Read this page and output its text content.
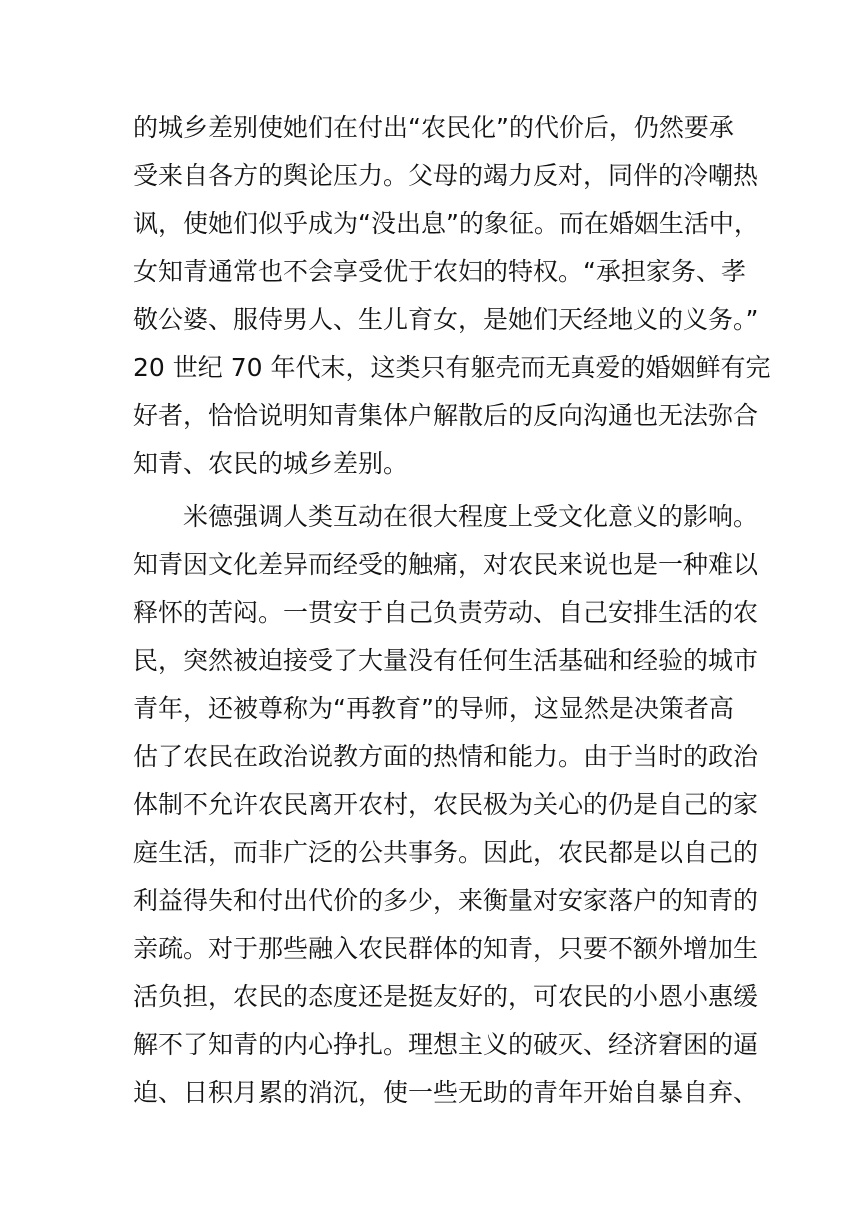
的城乡差别使她们在付出“农民化”的代价后，仍然要承
受来自各方的舆论压力。父母的竭力反对，同伴的冷嘲热
讽，使她们似乎成为“没出息”的象征。而在婚姻生活中，
女知青通常也不会享受优于农妇的特权。“承担家务、孝
敬公婆、服侍男人、生儿育女，是她们天经地义的义务。”
20 世纪 70 年代末，这类只有躯壳而无真爱的婚姻鲜有完
好者，恰恰说明知青集体户解散后的反向沟通也无法弥合
知青、农民的城乡差别。
米德强调人类互动在很大程度上受文化意义的影响。
知青因文化差异而经受的触痛，对农民来说也是一种难以
释怀的苦闷。一贯安于自己负责劳动、自己安排生活的农
民，突然被迫接受了大量没有任何生活基础和经验的城市
青年，还被尊称为“再教育”的导师，这显然是决策者高
估了农民在政治说教方面的热情和能力。由于当时的政治
体制不允许农民离开农村，农民极为关心的仍是自己的家
庭生活，而非广泛的公共事务。因此，农民都是以自己的
利益得失和付出代价的多少，来衡量对安家落户的知青的
亲疏。对于那些融入农民群体的知青，只要不额外增加生
活负担，农民的态度还是挺友好的，可农民的小恩小惠缓
解不了知青的内心挣扎。理想主义的破灭、经济窘困的逼
迫、日积月累的消沉，使一些无助的青年开始自暴自弃、
